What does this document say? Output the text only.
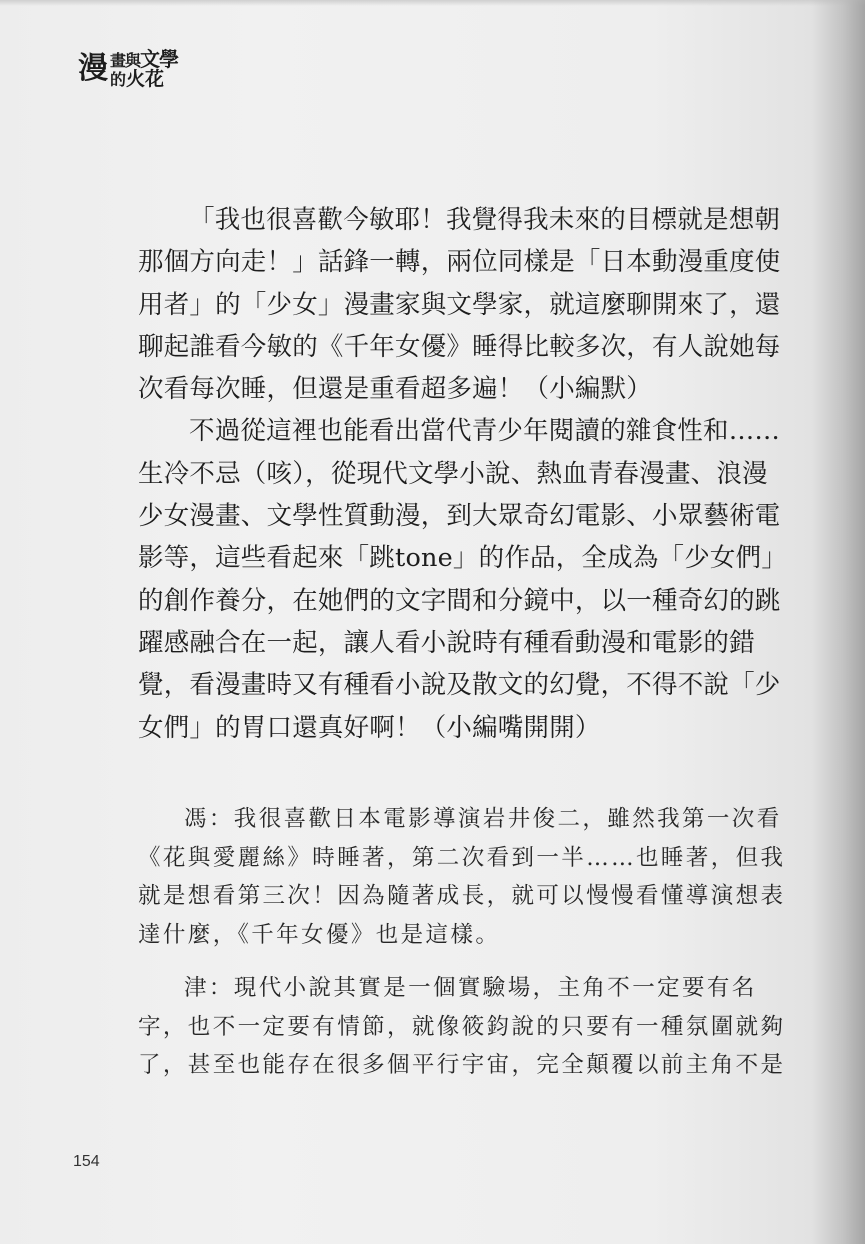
漫 畫與文學
的火花

「我也很喜歡今敏耶！我覺得我未來的目標就是想朝那個方向走！」話鋒一轉，兩位同樣是「日本動漫重度使用者」的「少女」漫畫家與文學家，就這麼聊開來了，還聊起誰看今敏的《千年女優》睡得比較多次，有人說她每次看每次睡，但還是重看超多遍！（小編默）

不過從這裡也能看出當代青少年閱讀的雜食性和……生冷不忌（咳），從現代文學小說、熱血青春漫畫、浪漫少女漫畫、文學性質動漫，到大眾奇幻電影、小眾藝術電影等，這些看起來「跳tone」的作品，全成為「少女們」的創作養分，在她們的文字間和分鏡中，以一種奇幻的跳躍感融合在一起，讓人看小說時有種看動漫和電影的錯覺，看漫畫時又有種看小說及散文的幻覺，不得不說「少女們」的胃口還真好啊！（小編嘴開開）

馮：我很喜歡日本電影導演岩井俊二，雖然我第一次看《花與愛麗絲》時睡著，第二次看到一半……也睡著，但我就是想看第三次！因為隨著成長，就可以慢慢看懂導演想表達什麼，《千年女優》也是這樣。

津：現代小說其實是一個實驗場，主角不一定要有名字，也不一定要有情節，就像筱鈞說的只要有一種氛圍就夠了，甚至也能存在很多個平行宇宙，完全顛覆以前主角不是

154
